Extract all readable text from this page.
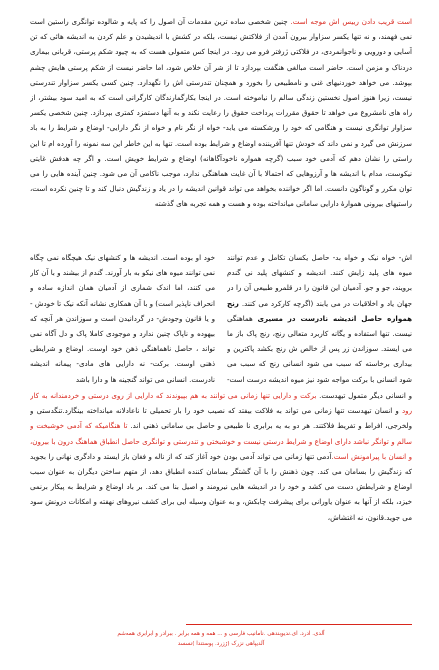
است قریب دادن رییس اش موجه است. چنین شخصی ساده ترین مقدمات آن اصول را که پایه و شالوده توانگری راستین است نمی فهمند، و نه تنها یکسر سزاوار بیرون آمدن از فلاکتش نیست، بلکه در کشش با اندیشیدن و علم کردن به اندیشه هائی که تن آسایی و دورویی و ناجوانمردی، در فلاکتی ژرفتر فرو می رود. در اینجا کس متمولی هست که به چیود شکم پرستی، قربانی بیماری دردناک و مزمن است. حاضر است مبالغی هنگفت بپردازد تا از شر آن خلاص شود، اما حاضر نیست از شکم پرستی هایش چشم بپوشد. می خواهد خوردنیهای غنی و نامطبیعی را بخورد و همچنان تندرستی اش را نگهدارد. چنین کسی یکسر سزاوار تندرستی نیست، زیرا هنوز اصول نخستین زندگی سالم را نیاموخته است. در اینجا بکارگمارندگان کارگرانی است که به امید سود بیشتر، از راه های نامشروع می خواهد تا حقوق مقررات پرداخت حقوق را رعایت نکند و به آنها دستمزد کمتری بپردازد. چنین شخصی یکسر سزاوار توانگری نیست و هنگامی که خود را ورشکسته می یابد- خواه از نگر نام و خواه از نگر دارایی- اوضاع و شرایط را به باد سرزنش می گیرد و نمی داند که خودش تنها آفریننده اوضاع و شرایط بوده است. تنها به این خاطر این سه نمونه را آورده ام تا این راستی را نشان دهم که آدمی خود سبب (گرچه همواره ناخودآگاهانه) اوضاع و شرایط خویش است. و اگر چه هدفش غایتی نیکوست، مدام با اندیشه ها و آرزوهایی که احتمالا با آن غایت هماهنگی ندارد، موجب ناکامی آن می شود. چنین آینده هایی را می توان مکرر و گوناگون دانست. اما اگر خواننده بخواهد می تواند قوانین اندیشه را در یاد و زندگیش دنبال کند و تا چنین نکرده است، راستیهای بیرونی هموارهٔ دارایی سامانی میانداخته بوده و هست و همه تجربه های گذشته

اش- خواه نیک و خواه بد- حاصل یکسان تکامل و عدم توانند میوه های پلید زایش کنند. اندیشه و کنشهای پلید نی گندم برویند، جو و جو. آدمیان این قانون را در قلمرو طبیعی آن را در جهان یاد و اخلاقیات در می یابند (اگرچه کارکرد می کنند. رنج همواره حاصل اندیشه نادرست در مسیری هماهنگی نیست. تنها استفاده و یگانه کاربرد متعالی رنج، رنج پاک باز ما می ایستد. سوزاندن زر پس از خالص ش رنج بکشد پاکترین و بیداری برخاسته که سبب می شود انسانی رنج که سبب می شود انسانی با برکت مواجه شود نیز میوه اندیشه درست است-

خود او بوده است. اندیشه ها و کنشهای نیک هیچگاه نمی چگاه نمی توانند میوه های نیکو به بار آورند. گندم از بیشند و با آن کار می کنند، اما اندک شماری از آدمیان همان اندازه ساده و انحراف ناپذیر است) و با آن همکاری نشانه آنکه نیک تا خودش - و یا قانون وجودش- در گردانیدن است و سوزاندن هر آنچه که بیهوده و ناپاک چنین ندارد و موجودی کاملا پاک و دل آگاه نمی تواند ، حاصل ناهماهنگی ذهن خود اوست. اوضاع و شرایطی ذهنی اوست. برکت- نه دارایی های مادی- پیمانه اندیشه نادرست. انسانی می تواند گنجینه ها و دارا باشد

و انسانی دیگر متمول تیهدست. برکت و دارایی تنها زمانی می توانند به هم بپیوندند که دارایی از روی درستی و خردمندانه به کار رود و انسان تیهدست تنها زمانی می تواند به فلاکت بیفتد که نصیب خود را بار تحمیلی تا ناعادلانه میانداخته بینگارد.تنگدستی و ولخرجی، افراط و تفریط فلاکتند. هر دو به یه برابری نا طبیعی و حاصل بی سامانی ذهنی اند. تا هنگامیکه که آدمی خوشبخت و سالم و توانگر نباشد دارای اوضاع و شرایط درستی نیست و خوشبختی و تندرستی و توانگری حاصل انطباق هماهنگ درون با بیرون، و انسان با پیرامونش است.آدمی تنها زمانی می تواند آدمی بودن خود آغاز کند که از ناله و فغان باز ایستد و دادگری نهانی را بجوید که زندگیش را بسامان می کند. چون ذهنش را با آن گشتگر بسامان کننده انطباق دهد، از متهم ساختن دیگران به عنوان سبب اوضاع و شرایطش دست می کشد و خود را در اندیشه هایی نیرومند و اصیل بنا می کند. بر باد اوضاع و شرایط به پیکار برنمی خیزد، بلکه از آنها به عنوان یاورانی برای پیشرفت چابکش، و به عنوان وسیله ایی برای کشف نیروهای نهفته و امکانات درونش سود می جوید.قانون، نه اغتشاش،

آلدی. ادرد. ای.ندیوبندهی .نامانیب فارسی و ... همه و همه برابر . ببرادر و ابرابری همه‌شم
آلدیپاهی نزرک (ژزرد. پوستندا )نسسد
